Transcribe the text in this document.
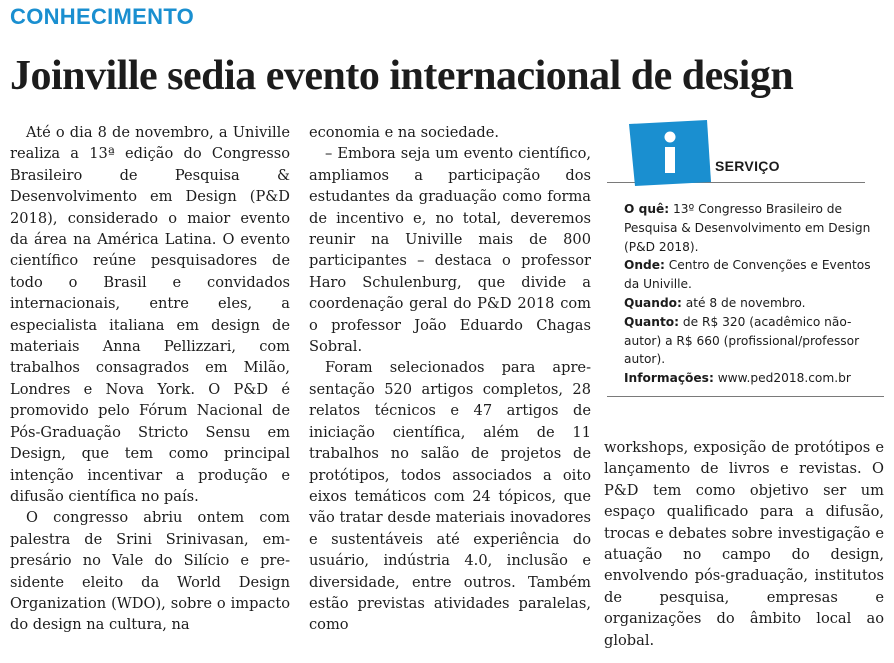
CONHECIMENTO
Joinville sedia evento internacional de design

Até o dia 8 de novembro, a Univille realiza a 13ª edição do Congresso Brasileiro de Pesquisa & Desenvolvimento em Design (P&D 2018), considerado o maior evento da área na América Latina. O evento científico reúne pesquisadores de todo o Brasil e convidados internacionais, entre eles, a especialista italiana em design de materiais Anna Pellizzari, com trabalhos consagrados em Milão, Londres e Nova York. O P&D é promovido pelo Fórum Nacional de Pós-Graduação Stricto Sensu em Design, que tem como principal intenção incentivar a produção e difusão científica no país.

O congresso abriu ontem com palestra de Srini Srinivasan, empresário no Vale do Silício e presidente eleito da World Design Organization (WDO), sobre o impacto do design na cultura, na

economia e na sociedade.

– Embora seja um evento científico, ampliamos a participação dos estudantes da graduação como forma de incentivo e, no total, deveremos reunir na Univille mais de 800 participantes – destaca o professor Haro Schulenburg, que divide a coordenação geral do P&D 2018 com o professor João Eduardo Chagas Sobral.

Foram selecionados para apresentação 520 artigos completos, 28 relatos técnicos e 47 artigos de iniciação científica, além de 11 trabalhos no salão de projetos de protótipos, todos associados a oito eixos temáticos com 24 tópicos, que vão tratar desde materiais inovadores e sustentáveis até experiência do usuário, indústria 4.0, inclusão e diversidade, entre outros. Também estão previstas atividades paralelas, como

workshops, exposição de protótipos e lançamento de livros e revistas. O P&D tem como objetivo ser um espaço qualificado para a difusão, trocas e debates sobre investigação e atuação no campo do design, envolvendo pós-graduação, institutos de pesquisa, empresas e organizações do âmbito local ao global.

SERVIÇO
O quê: 13º Congresso Brasileiro de Pesquisa & Desenvolvimento em Design (P&D 2018).
Onde: Centro de Convenções e Eventos da Univille.
Quando: até 8 de novembro.
Quanto: de R$ 320 (acadêmico não-autor) a R$ 660 (profissional/professor autor).
Informações: www.ped2018.com.br
